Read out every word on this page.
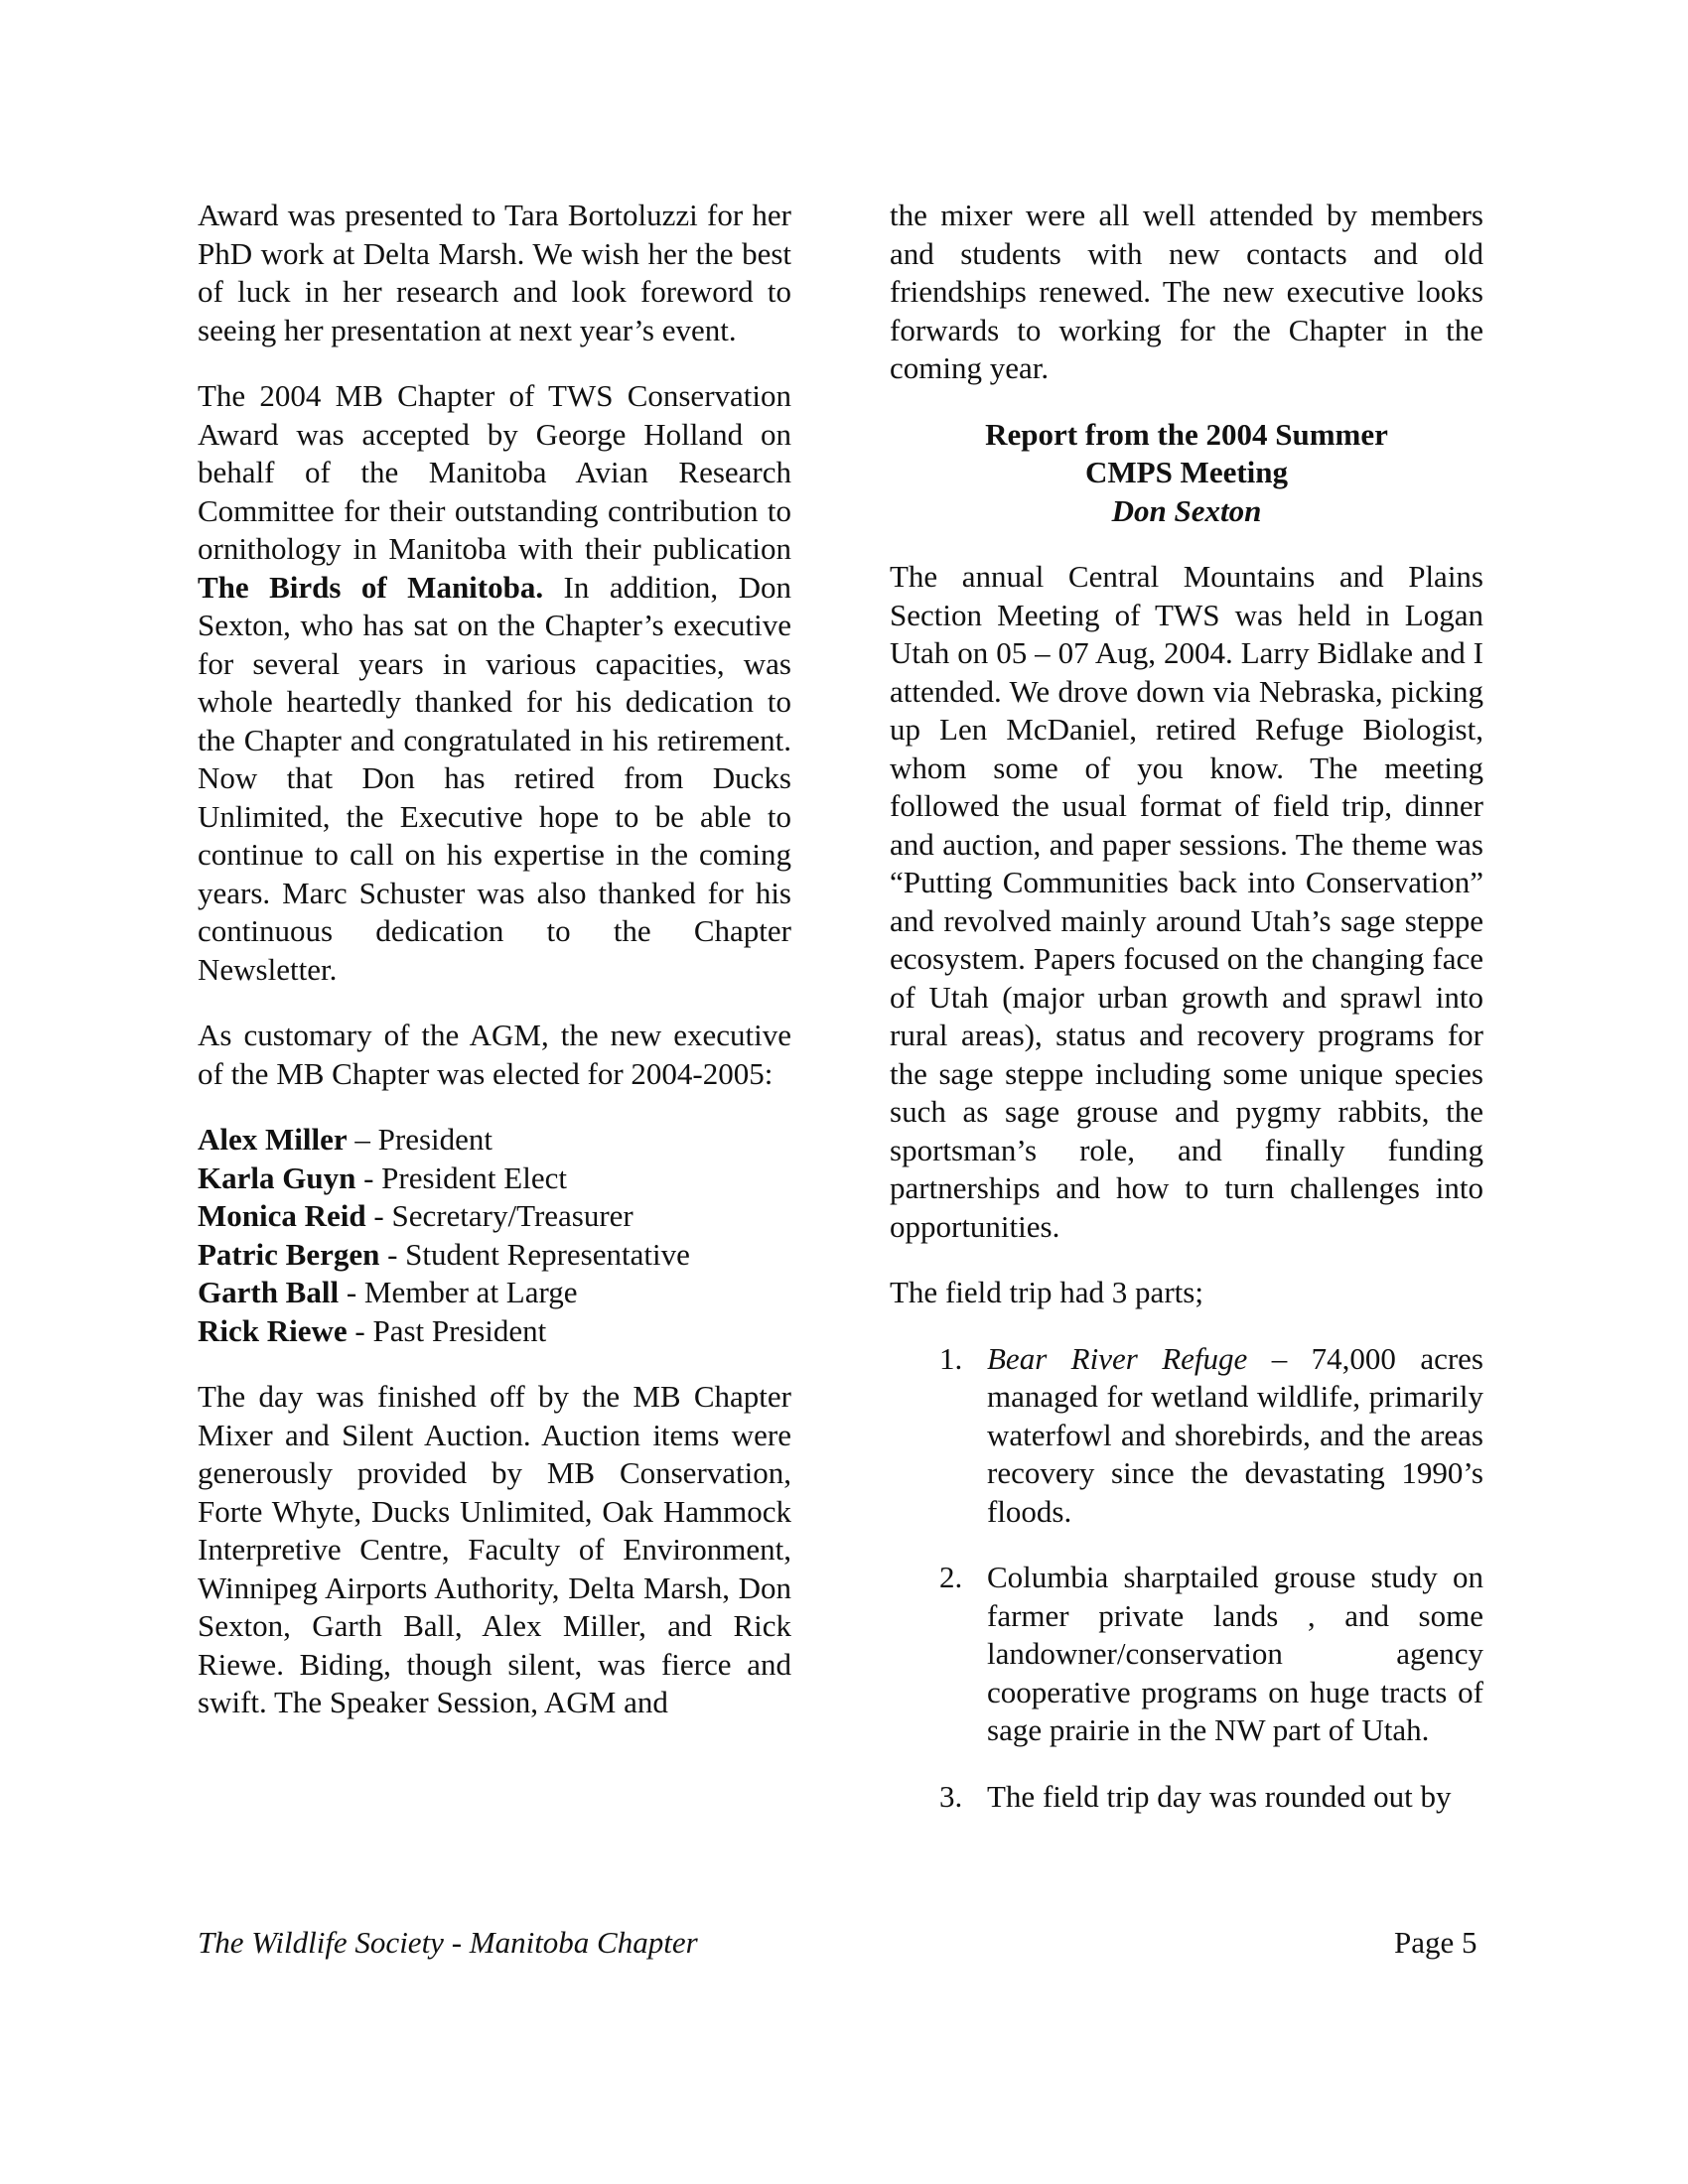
Award was presented to Tara Bortoluzzi for her PhD work at Delta Marsh. We wish her the best of luck in her research and look foreword to seeing her presentation at next year’s event.

The 2004 MB Chapter of TWS Conservation Award was accepted by George Holland on behalf of the Manitoba Avian Research Committee for their outstanding contribution to ornithology in Manitoba with their publication The Birds of Manitoba. In addition, Don Sexton, who has sat on the Chapter’s executive for several years in various capacities, was whole heartedly thanked for his dedication to the Chapter and congratulated in his retirement. Now that Don has retired from Ducks Unlimited, the Executive hope to be able to continue to call on his expertise in the coming years. Marc Schuster was also thanked for his continuous dedication to the Chapter Newsletter.

As customary of the AGM, the new executive of the MB Chapter was elected for 2004-2005:

Alex Miller – President
Karla Guyn - President Elect
Monica Reid - Secretary/Treasurer
Patric Bergen - Student Representative
Garth Ball - Member at Large
Rick Riewe - Past President

The day was finished off by the MB Chapter Mixer and Silent Auction. Auction items were generously provided by MB Conservation, Forte Whyte, Ducks Unlimited, Oak Hammock Interpretive Centre, Faculty of Environment, Winnipeg Airports Authority, Delta Marsh, Don Sexton, Garth Ball, Alex Miller, and Rick Riewe. Biding, though silent, was fierce and swift. The Speaker Session, AGM and

the mixer were all well attended by members and students with new contacts and old friendships renewed. The new executive looks forwards to working for the Chapter in the coming year.

Report from the 2004 Summer
CMPS Meeting
Don Sexton

The annual Central Mountains and Plains Section Meeting of TWS was held in Logan Utah on 05 – 07 Aug, 2004. Larry Bidlake and I attended. We drove down via Nebraska, picking up Len McDaniel, retired Refuge Biologist, whom some of you know. The meeting followed the usual format of field trip, dinner and auction, and paper sessions. The theme was “Putting Communities back into Conservation” and revolved mainly around Utah’s sage steppe ecosystem. Papers focused on the changing face of Utah (major urban growth and sprawl into rural areas), status and recovery programs for the sage steppe including some unique species such as sage grouse and pygmy rabbits, the sportsman’s role, and finally funding partnerships and how to turn challenges into opportunities.

The field trip had 3 parts;

1. Bear River Refuge – 74,000 acres managed for wetland wildlife, primarily waterfowl and shorebirds, and the areas recovery since the devastating 1990’s floods.
2. Columbia sharptailed grouse study on farmer private lands , and some landowner/conservation agency cooperative programs on huge tracts of sage prairie in the NW part of Utah.
3. The field trip day was rounded out by
The Wildlife Society - Manitoba Chapter	Page 5
